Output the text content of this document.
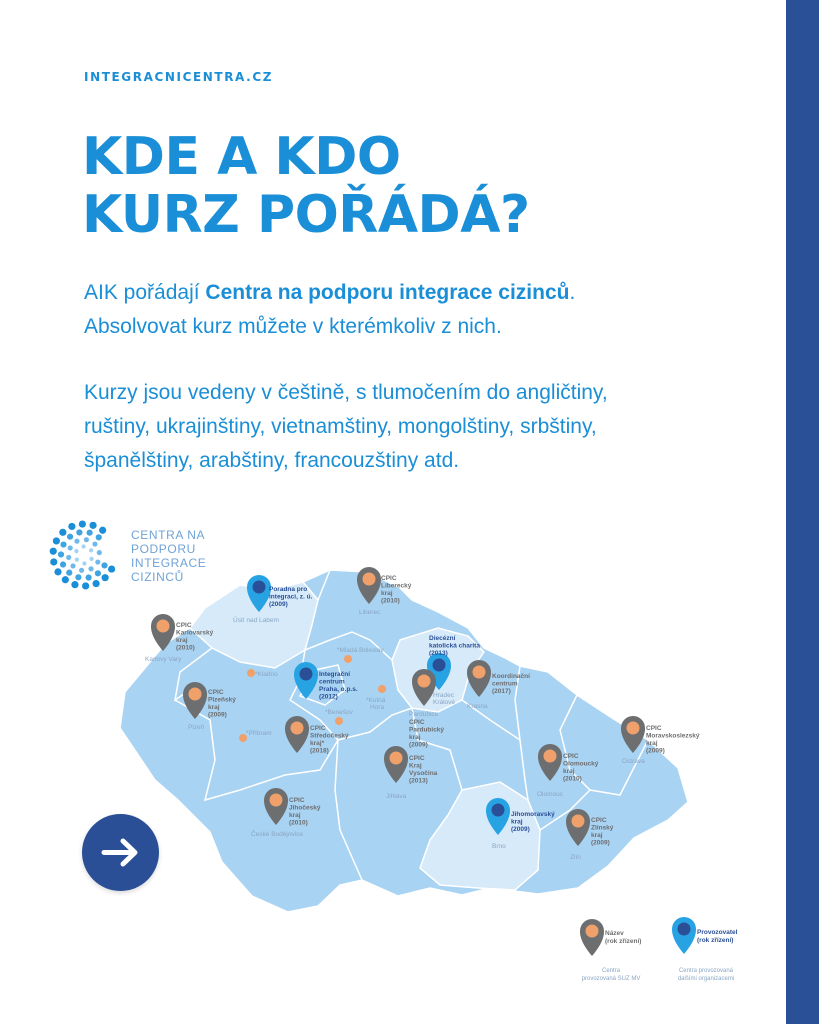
INTEGRACNICENTRA.CZ
KDE A KDO
KURZ POŘÁDÁ?
AIK pořádají Centra na podporu integrace cizinců.
Absolvovat kurz můžete v kterémkoliv z nich.
Kurzy jsou vedeny v češtině, s tlumočením do angličtiny,
ruštiny, ukrajinštiny, vietnamštiny, mongolštiny, srbštiny,
španělštiny, arabštiny, francouzštiny atd.
CENTRA NA
PODPORU
INTEGRACE
CIZINCŮ
Ústí nad Labem
Liberec
Karlovy Vary
*Mladá Boleslav
*Kladno
Hradec
Králové
*Kutná
Hora	Krasna
Pardubice
*Benešov
Plzeň
*Příbram
Ostrava
Olomouc
Jihlava
Brno
Zlín
České Budějovice
Poradna pro integraci, z. ú. (2009)
CPIC Liberecký kraj (2010)
CPIC Karlovarský kraj (2010)
Diecézní katolická charita (2013)
Integrační centrum Praha, o.p.s. (2012)
Koordinační centrum (2017)
CPIC Plzeňský kraj (2009)
CPIC Pardubický kraj (2009)
CPIC Moravskoslezský kraj (2009)
CPIC Středočeský kraj* (2018)
CPIC Olomoucký kraj (2010)
CPIC Kraj Vysočina (2013)
CPIC Jihočeský kraj (2010)
Jihomoravský kraj (2009)
CPIC Zlínský kraj (2009)
Název (rok zřízení)
Provozovatel (rok zřízení)
Centra provozovaná SUZ MV
Centra provozovaná dalšími organizacemi
